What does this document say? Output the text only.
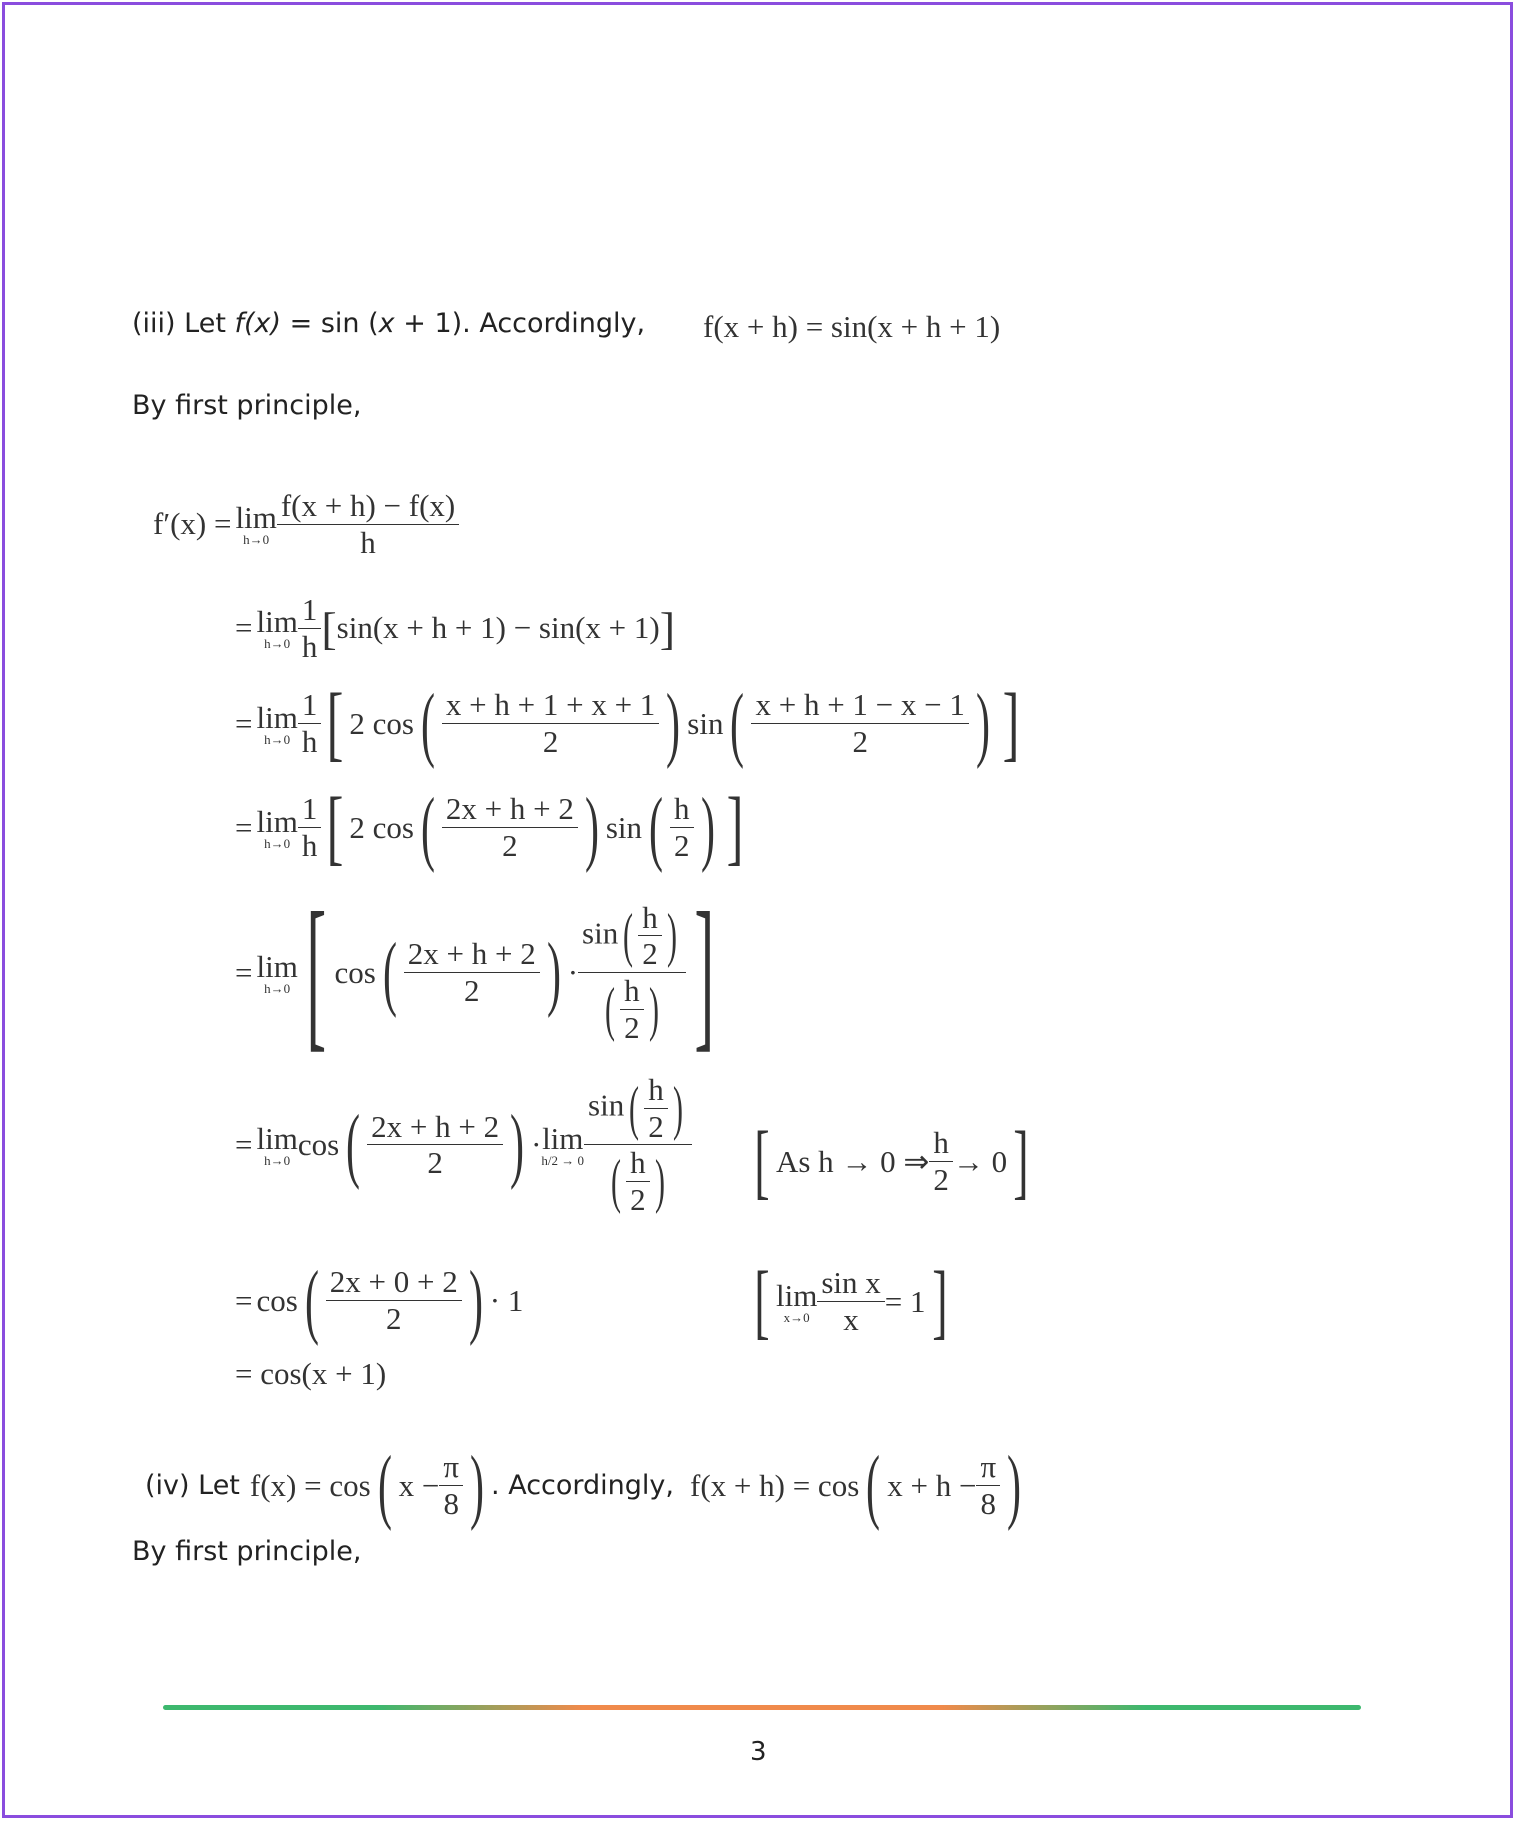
(iii) Let f(x) = sin (x + 1). Accordingly, f(x + h) = sin(x + h + 1)
By first principle,
f′(x) = lim
$h\to 0 \frac{f(x + h) - f(x)}{h}$
= lim
$h\to 0 \frac{1}{h}$ [ sin(x + h + 1) − sin(x + 1) ]
= lim
$h\to 0 \frac{1}{h}$ [ 2 cos ( $\frac{x + h + 1 + x + 1}{2}$ ) sin ( $\frac{x + h + 1 - x - 1}{2}$ ) ]
= lim
$h\to 0 \frac{1}{h}$ [ 2 cos ( $\frac{2x + h + 2}{2}$ ) sin ( $\frac{h}{2}$ ) ]
= lim
h→0 [ cos ( $\frac{2x + h + 2}{2}$ ) · $\frac{\sin( \frac{h}{2} )}{( \frac{h}{2} )}$ ]
= lim
h→0 cos ( $\frac{2x + h + 2}{2}$ ) · lim
$h/2 \to 0 \frac{\sin( \frac{h}{2} )}{( \frac{h}{2} )}$ [ As h → 0 ⇒ $\frac{h}{2} \to 0$ ]
= cos ( $\frac{2x + 0 + 2}{2}$ ) · 1	[ lim
$x\to 0 \frac{\text{sin x}}{x} = 1$ ]
= cos(x + 1)
(iv) Let f(x) = cos ( $x - \frac{\pi}{8}$ ) . Accordingly, f(x + h) = cos ( $x + h - \frac{\pi}{8}$ )
By first principle,
3
